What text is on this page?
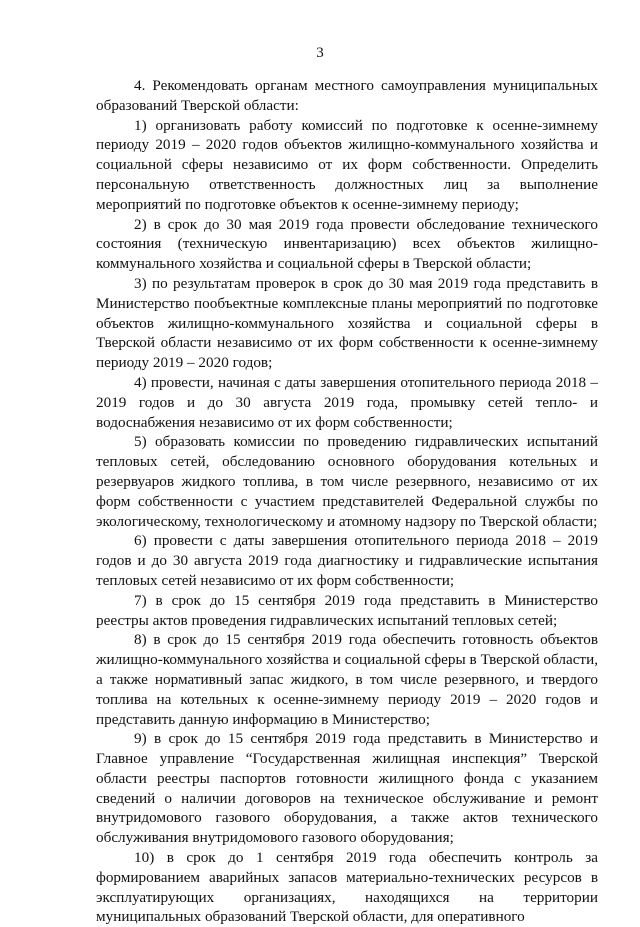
3

4. Рекомендовать органам местного самоуправления муниципальных образований Тверской области:

1) организовать работу комиссий по подготовке к осенне-зимнему периоду 2019 – 2020 годов объектов жилищно-коммунального хозяйства и социальной сферы независимо от их форм собственности. Определить персональную ответственность должностных лиц за выполнение мероприятий по подготовке объектов к осенне-зимнему периоду;

2) в срок до 30 мая 2019 года провести обследование технического состояния (техническую инвентаризацию) всех объектов жилищно-коммунального хозяйства и социальной сферы в Тверской области;

3) по результатам проверок в срок до 30 мая 2019 года представить в Министерство пообъектные комплексные планы мероприятий по подготовке объектов жилищно-коммунального хозяйства и социальной сферы в Тверской области независимо от их форм собственности к осенне-зимнему периоду 2019 – 2020 годов;

4) провести, начиная с даты завершения отопительного периода 2018 – 2019 годов и до 30 августа 2019 года, промывку сетей тепло- и водоснабжения независимо от их форм собственности;

5) образовать комиссии по проведению гидравлических испытаний тепловых сетей, обследованию основного оборудования котельных и резервуаров жидкого топлива, в том числе резервного, независимо от их форм собственности с участием представителей Федеральной службы по экологическому, технологическому и атомному надзору по Тверской области;

6) провести с даты завершения отопительного периода 2018 – 2019 годов и до 30 августа 2019 года диагностику и гидравлические испытания тепловых сетей независимо от их форм собственности;

7) в срок до 15 сентября 2019 года представить в Министерство реестры актов проведения гидравлических испытаний тепловых сетей;

8) в срок до 15 сентября 2019 года обеспечить готовность объектов жилищно-коммунального хозяйства и социальной сферы в Тверской области, а также нормативный запас жидкого, в том числе резервного, и твердого топлива на котельных к осенне-зимнему периоду 2019 – 2020 годов и представить данную информацию в Министерство;

9) в срок до 15 сентября 2019 года представить в Министерство и Главное управление “Государственная жилищная инспекция” Тверской области реестры паспортов готовности жилищного фонда с указанием сведений о наличии договоров на техническое обслуживание и ремонт внутридомового газового оборудования, а также актов технического обслуживания внутридомового газового оборудования;

10) в срок до 1 сентября 2019 года обеспечить контроль за формированием аварийных запасов материально-технических ресурсов в эксплуатирующих организациях, находящихся на территории муниципальных образований Тверской области, для оперативного
